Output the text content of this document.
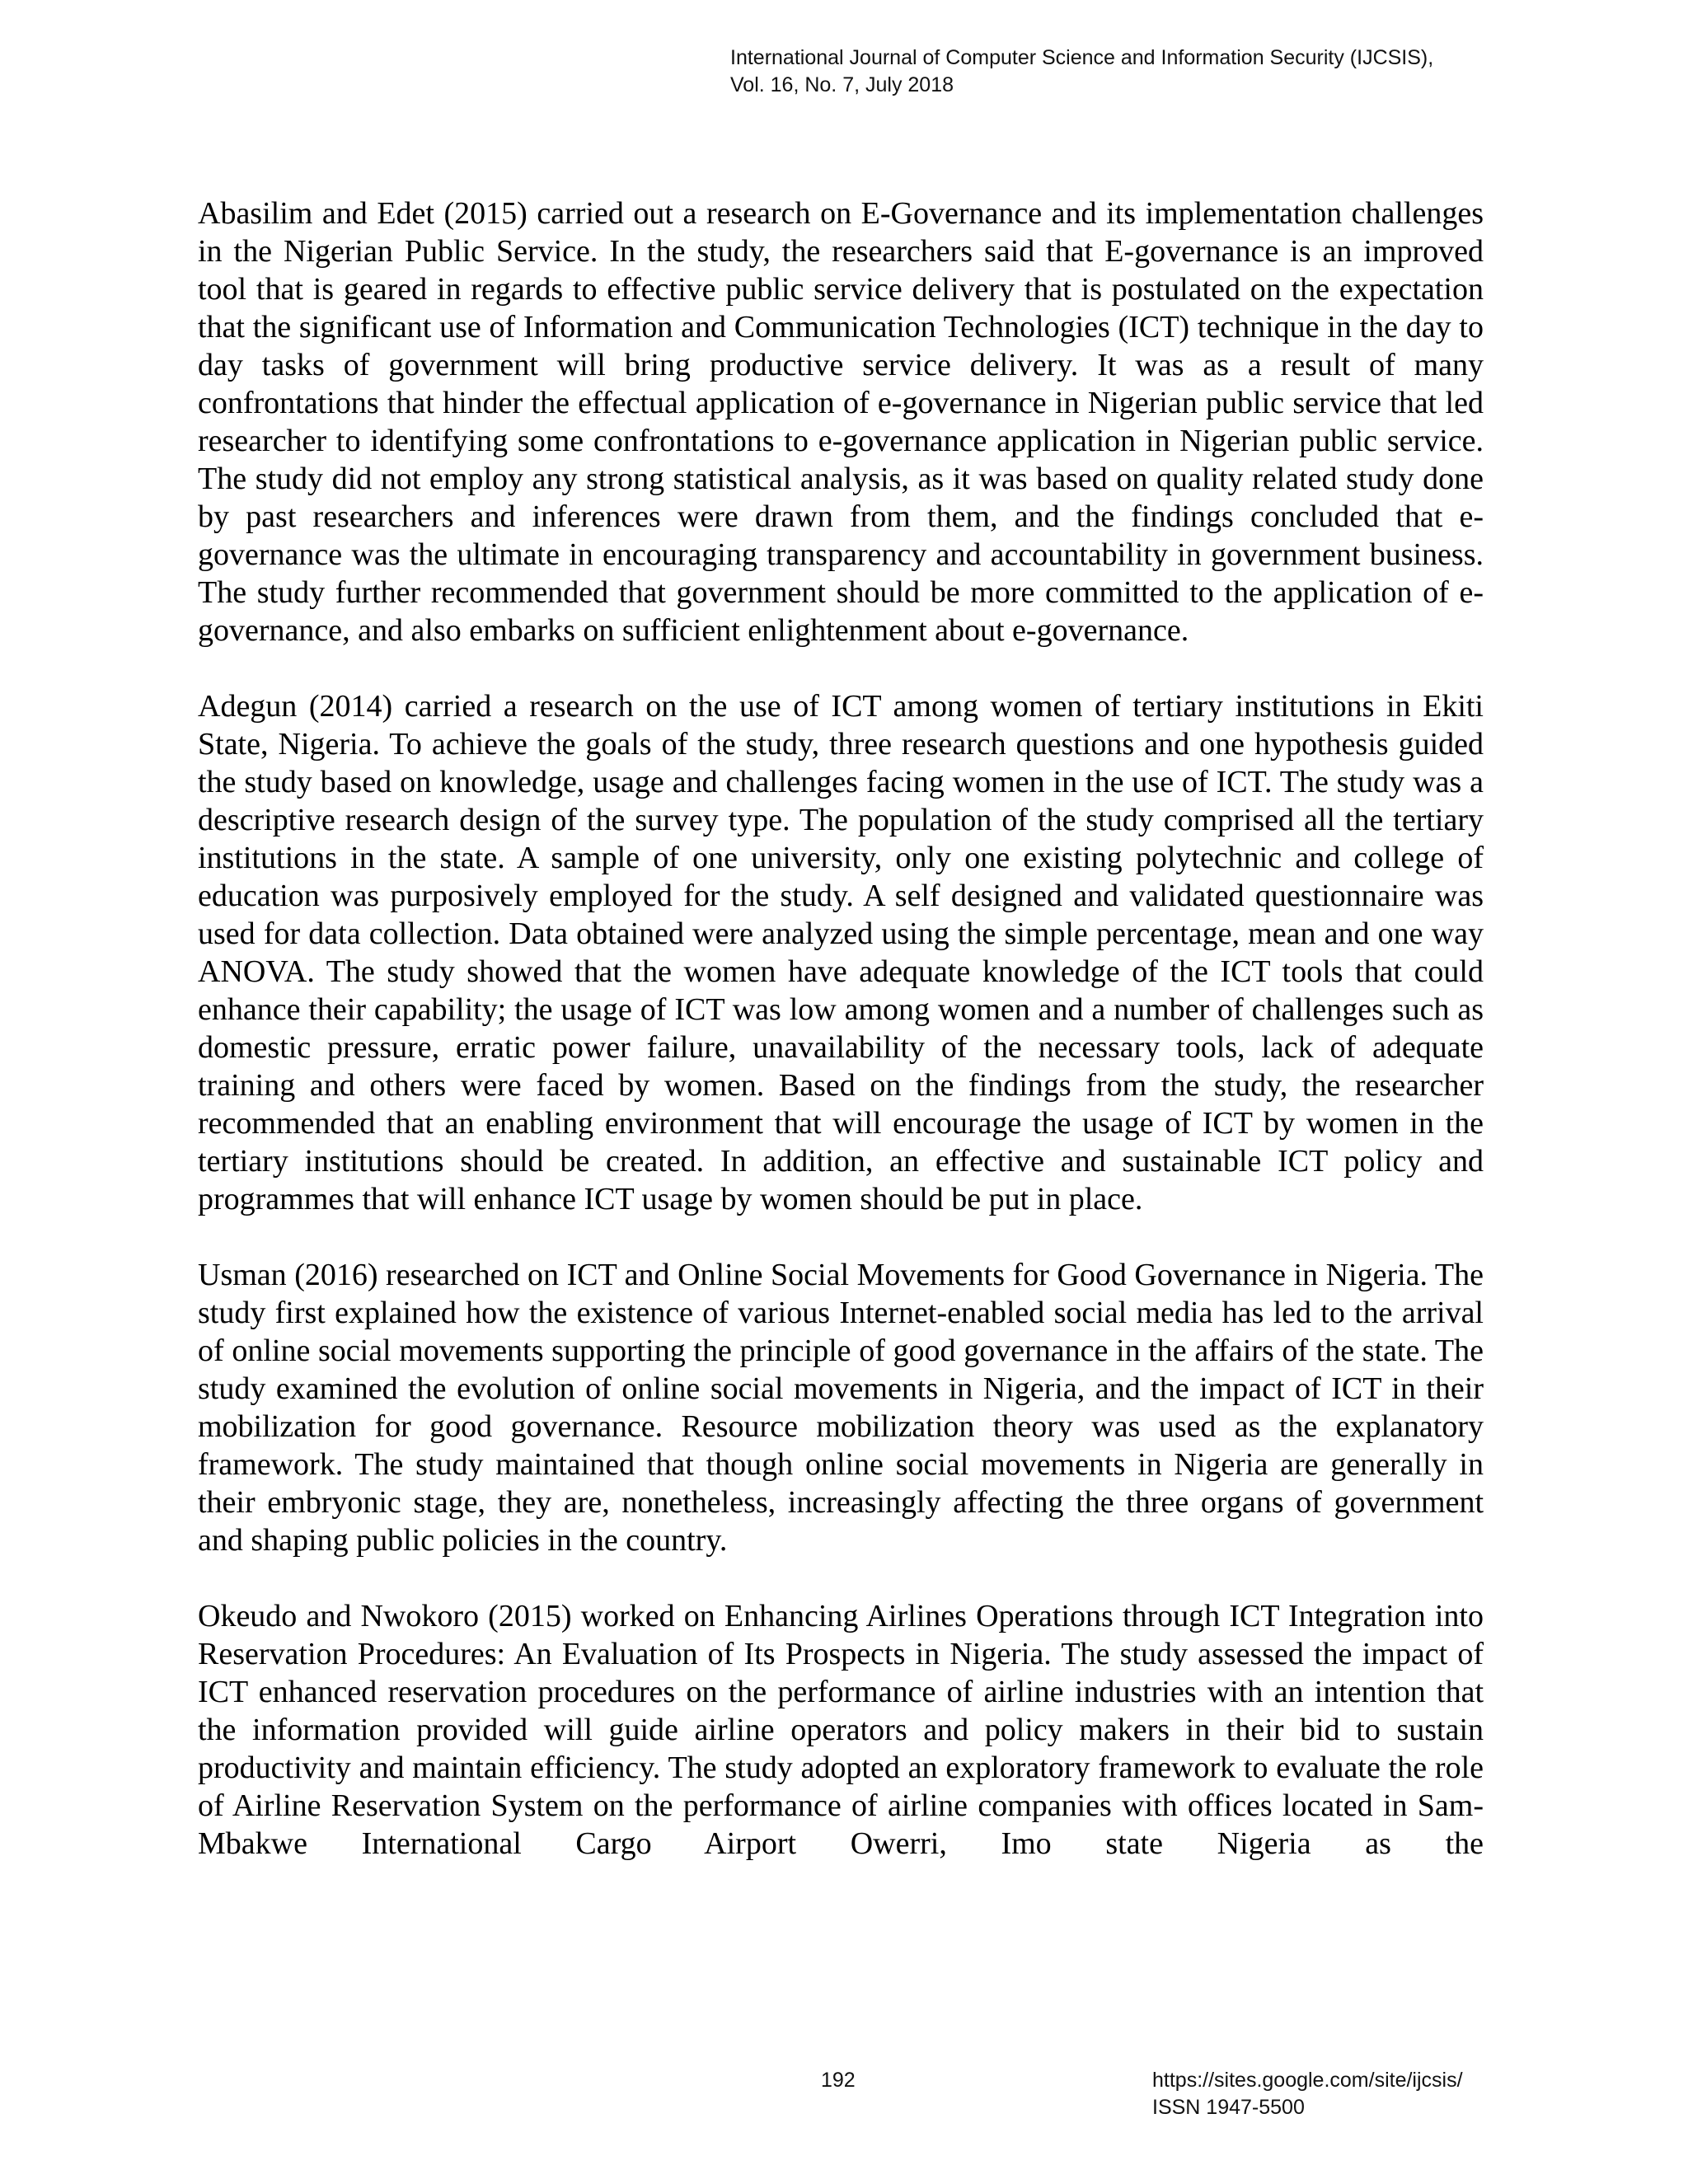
International Journal of Computer Science and Information Security (IJCSIS),
Vol. 16, No. 7, July 2018

Abasilim and Edet (2015) carried out a research on E-Governance and its implementation challenges in the Nigerian Public Service. In the study, the researchers said that E-governance is an improved tool that is geared in regards to effective public service delivery that is postulated on the expectation that the significant use of Information and Communication Technologies (ICT) technique in the day to day tasks of government will bring productive service delivery. It was as a result of many confrontations that hinder the effectual application of e-governance in Nigerian public service that led researcher to identifying some confrontations to e-governance application in Nigerian public service. The study did not employ any strong statistical analysis, as it was based on quality related study done by past researchers and inferences were drawn from them, and the findings concluded that e-governance was the ultimate in encouraging transparency and accountability in government business. The study further recommended that government should be more committed to the application of e-governance, and also embarks on sufficient enlightenment about e-governance.

Adegun (2014) carried a research on the use of ICT among women of tertiary institutions in Ekiti State, Nigeria. To achieve the goals of the study, three research questions and one hypothesis guided the study based on knowledge, usage and challenges facing women in the use of ICT. The study was a descriptive research design of the survey type. The population of the study comprised all the tertiary institutions in the state. A sample of one university, only one existing polytechnic and college of education was purposively employed for the study. A self designed and validated questionnaire was used for data collection. Data obtained were analyzed using the simple percentage, mean and one way ANOVA. The study showed that the women have adequate knowledge of the ICT tools that could enhance their capability; the usage of ICT was low among women and a number of challenges such as domestic pressure, erratic power failure, unavailability of the necessary tools, lack of adequate training and others were faced by women. Based on the findings from the study, the researcher recommended that an enabling environment that will encourage the usage of ICT by women in the tertiary institutions should be created. In addition, an effective and sustainable ICT policy and programmes that will enhance ICT usage by women should be put in place.

Usman (2016) researched on ICT and Online Social Movements for Good Governance in Nigeria. The study first explained how the existence of various Internet-enabled social media has led to the arrival of online social movements supporting the principle of good governance in the affairs of the state. The study examined the evolution of online social movements in Nigeria, and the impact of ICT in their mobilization for good governance. Resource mobilization theory was used as the explanatory framework. The study maintained that though online social movements in Nigeria are generally in their embryonic stage, they are, nonetheless, increasingly affecting the three organs of government and shaping public policies in the country.

Okeudo and Nwokoro (2015) worked on Enhancing Airlines Operations through ICT Integration into Reservation Procedures: An Evaluation of Its Prospects in Nigeria. The study assessed the impact of ICT enhanced reservation procedures on the performance of airline industries with an intention that the information provided will guide airline operators and policy makers in their bid to sustain productivity and maintain efficiency. The study adopted an exploratory framework to evaluate the role of Airline Reservation System on the performance of airline companies with offices located in Sam-Mbakwe International Cargo Airport Owerri, Imo state Nigeria as the

192	https://sites.google.com/site/ijcsis/
ISSN 1947-5500
